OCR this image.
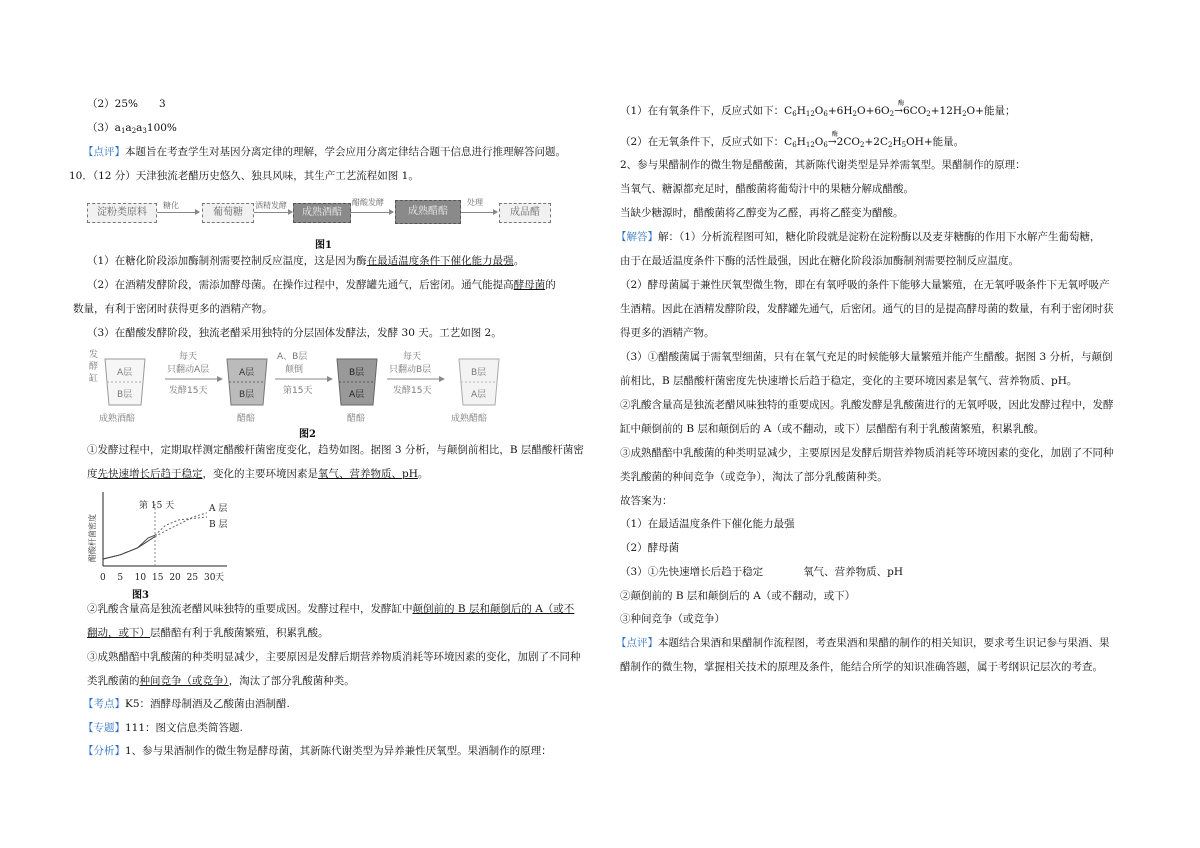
（2）25%　　3
$(3)a_1a_2a_3100\%$
【点评】本题旨在考查学生对基因分离定律的理解，学会应用分离定律结合题干信息进行推理解答问题。
10．（12 分）天津独流老醋历史悠久、独具风味，其生产工艺流程如图 1。
淀粉类原料
糖化
葡萄糖
酒精发酵
成熟酒醅
醋酸发酵
成熟醋醅
处理
成品醋
图1
（1）在糖化阶段添加酶制剂需要控制反应温度，这是因为酶在最适温度条件下催化能力最强。
（2）在酒精发酵阶段，需添加酵母菌。在操作过程中，发酵罐先通气，后密闭。通气能提高酵母菌的
数量，有利于密闭时获得更多的酒精产物。
（3）在醋酸发酵阶段，独流老醋采用独特的分层固体发酵法，发酵 30 天。工艺如图 2。
发
酵
缸
A层
B层
成熟酒醅
每天
只翻动A层
发酵15天
A层
B层
醋醅
A、B层
颠倒
第15天
B层
A层
醋醅
每天
只翻动B层
发酵15天
B层
A层
成熟醋醅
图2
①发酵过程中，定期取样测定醋酸杆菌密度变化，趋势如图。据图 3 分析，与颠倒前相比，B 层醋酸杆菌密
度先快速增长后趋于稳定，变化的主要环境因素是氧气、营养物质、pH。
醋酸杆菌密度
第 15 天
B 层
A 层
0 5 10 15 20 25 30 天
图3
②乳酸含量高是独流老醋风味独特的重要成因。发酵过程中，发酵缸中颠倒前的 B 层和颠倒后的 A（或不
翻动，或下）层醋醅有利于乳酸菌繁殖，积累乳酸。
③成熟醋醅中乳酸菌的种类明显减少，主要原因是发酵后期营养物质消耗等环境因素的变化，加剧了不同种
类乳酸菌的种间竞争（或竞争），淘汰了部分乳酸菌种类。
【考点】K5：酒酵母制酒及乙酸菌由酒制醋.
【专题】111：图文信息类简答题.
【分析】1、参与果酒制作的微生物是酵母菌，其新陈代谢类型为异养兼性厌氧型。果酒制作的原理：
（1）在有氧条件下，反应式如下：$C_6H_{12}O_6+6H_2O+6O_2$
酶
$\to 6CO_2+12H_2O+$能量；
（2）在无氧条件下，反应式如下：$C_6H_{12}O_6$
酶
$\to 2CO_2+2C_2H_5OH+$能量。
2、参与果醋制作的微生物是醋酸菌，其新陈代谢类型是异养需氧型。果醋制作的原理：
当氧气、糖源都充足时，醋酸菌将葡萄汁中的果糖分解成醋酸。
当缺少糖源时，醋酸菌将乙醇变为乙醛，再将乙醛变为醋酸。
【解答】解：（1）分析流程图可知，糖化阶段就是淀粉在淀粉酶以及麦芽糖酶的作用下水解产生葡萄糖，
由于在最适温度条件下酶的活性最强，因此在糖化阶段添加酶制剂需要控制反应温度。
（2）酵母菌属于兼性厌氧型微生物，即在有氧呼吸的条件下能够大量繁殖，在无氧呼吸条件下无氧呼吸产
生酒精。因此在酒精发酵阶段，发酵罐先通气，后密闭。通气的目的是提高酵母菌的数量，有利于密闭时获
得更多的酒精产物。
（3）①醋酸菌属于需氧型细菌，只有在氧气充足的时候能够大量繁殖并能产生醋酸。据图 3 分析，与颠倒
前相比，B 层醋酸杆菌密度先快速增长后趋于稳定，变化的主要环境因素是氧气、营养物质、pH。
②乳酸含量高是独流老醋风味独特的重要成因。乳酸发酵是乳酸菌进行的无氧呼吸，因此发酵过程中，发酵
缸中颠倒前的 B 层和颠倒后的 A（或不翻动，或下）层醋醅有利于乳酸菌繁殖，积累乳酸。
③成熟醋醅中乳酸菌的种类明显减少，主要原因是发酵后期营养物质消耗等环境因素的变化，加剧了不同种
类乳酸菌的种间竞争（或竞争），淘汰了部分乳酸菌种类。
故答案为：
（1）在最适温度条件下催化能力最强
（2）酵母菌
（3）①先快速增长后趋于稳定	氧气、营养物质、pH
②颠倒前的 B 层和颠倒后的 A（或不翻动，或下）
③种间竞争（或竞争）
【点评】本题结合果酒和果醋制作流程图，考查果酒和果醋的制作的相关知识，要求考生识记参与果酒、果
醋制作的微生物，掌握相关技术的原理及条件，能结合所学的知识准确答题，属于考纲识记层次的考查。
